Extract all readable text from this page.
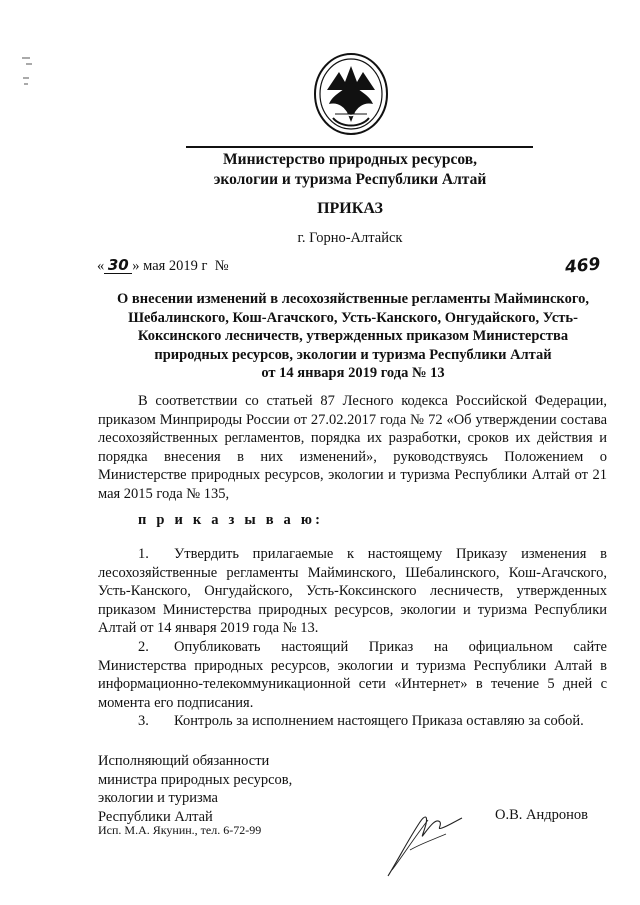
Министерство природных ресурсов,
экологии и туризма Республики Алтай
ПРИКАЗ
г. Горно-Алтайск
« 30 » мая 2019 г  №	469
О внесении изменений в лесохозяйственные регламенты Майминского,
Шебалинского, Кош-Агачского, Усть-Канского, Онгудайского, Усть-
Коксинского лесничеств, утвержденных приказом Министерства
природных ресурсов, экологии и туризма Республики Алтай
от 14 января 2019 года № 13
В соответствии со статьей 87 Лесного кодекса Российской Федерации, приказом Минприроды России от 27.02.2017 года № 72 «Об утверждении состава лесохозяйственных регламентов, порядка их разработки, сроков их действия и порядка внесения в них изменений», руководствуясь Положением о Министерстве природных ресурсов, экологии и туризма Республики Алтай от 21 мая 2015 года № 135,
п р и к а з ы в а ю:

1. Утвердить прилагаемые к настоящему Приказу изменения в лесохозяйственные регламенты Майминского, Шебалинского, Кош-Агачского, Усть-Канского, Онгудайского, Усть-Коксинского лесничеств, утвержденных приказом Министерства природных ресурсов, экологии и туризма Республики Алтай от 14 января 2019 года № 13.

2. Опубликовать настоящий Приказ на официальном сайте Министерства природных ресурсов, экологии и туризма Республики Алтай в информационно-телекоммуникационной сети «Интернет» в течение 5 дней с момента его подписания.

3. Контроль за исполнением настоящего Приказа оставляю за собой.

Исполняющий обязанности
министра природных ресурсов,
экологии и туризма
Республики Алтай
Исп. М.А. Якунин., тел. 6-72-99
О.В. Андронов
